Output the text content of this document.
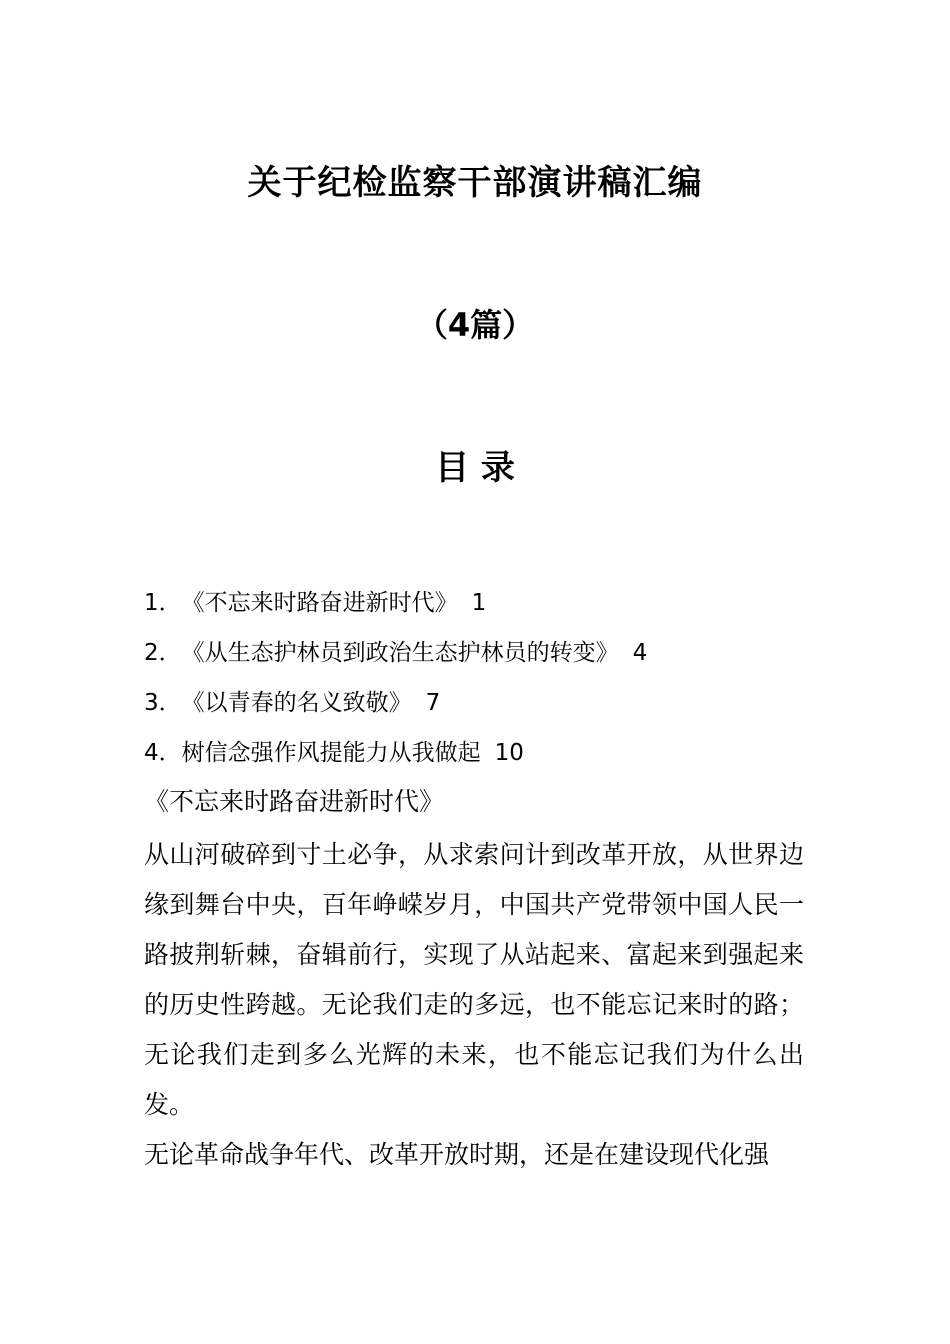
关于纪检监察干部演讲稿汇编
（4篇）
目 录
1．《不忘来时路奋进新时代》 1
2．《从生态护林员到政治生态护林员的转变》 4
3．《以青春的名义致敬》 7
4．树信念强作风提能力从我做起 10
《不忘来时路奋进新时代》

从山河破碎到寸土必争，从求索问计到改革开放，从世界边缘到舞台中央，百年峥嵘岁月，中国共产党带领中国人民一路披荆斩棘，奋辑前行，实现了从站起来、富起来到强起来的历史性跨越。无论我们走的多远，也不能忘记来时的路；无论我们走到多么光辉的未来，也不能忘记我们为什么出发。

无论革命战争年代、改革开放时期，还是在建设现代化强
